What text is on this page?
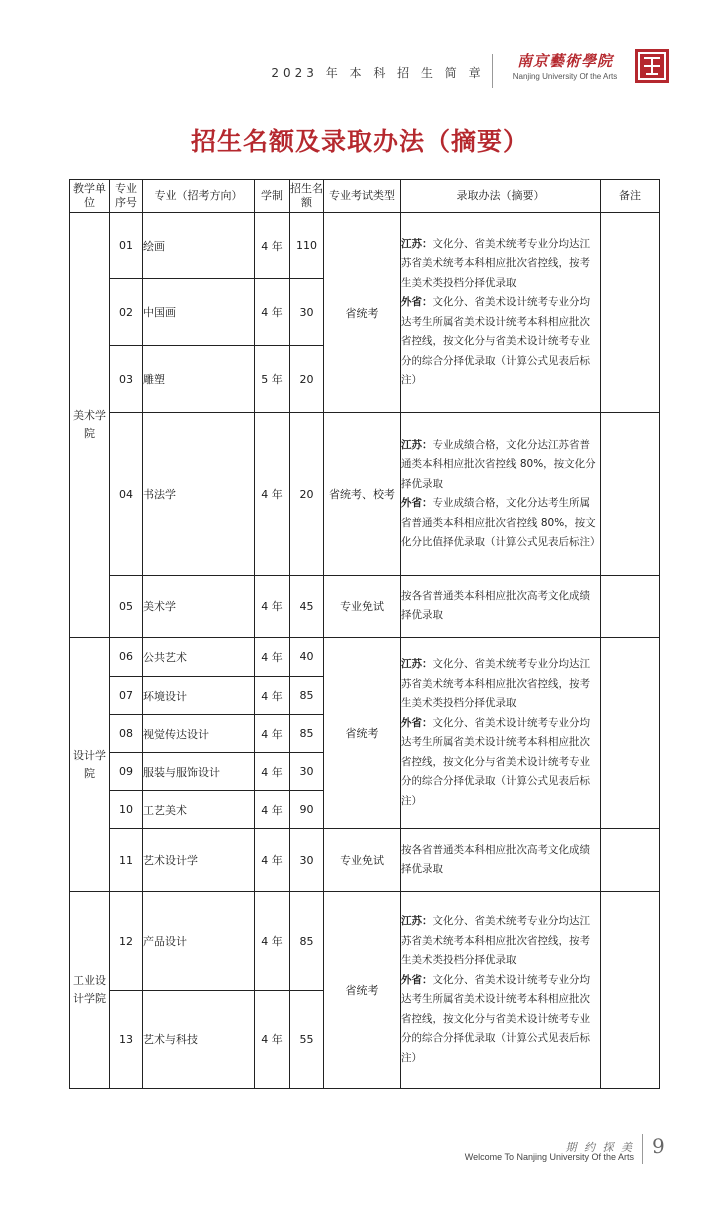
2023 年 本 科 招 生 简 章
南京藝術學院
Nanjing University Of the Arts
招生名额及录取办法（摘要）
教学单位	专业序号	专业（招考方向）	学制	招生名额	专业考试类型	录取办法（摘要）	备注
美术学院	01	绘画	4 年	110	省统考	江苏：文化分、省美术统考专业分均达江苏省美术统考本科相应批次省控线，按考生美术类投档分择优录取
外省：文化分、省美术设计统考专业分均达考生所属省美术设计统考本科相应批次省控线，按文化分与省美术设计统考专业分的综合分择优录取（计算公式见表后标注）	
	02	中国画	4 年	30			
	03	雕塑	5 年	20			
	04	书法学	4 年	20	省统考、校考	江苏：专业成绩合格，文化分达江苏省普通类本科相应批次省控线 80%，按文化分择优录取
外省：专业成绩合格，文化分达考生所属省普通类本科相应批次省控线 80%，按文化分比值择优录取（计算公式见表后标注）	
	05	美术学	4 年	45	专业免试	按各省普通类本科相应批次高考文化成绩择优录取	
设计学院	06	公共艺术	4 年	40	省统考	江苏：文化分、省美术统考专业分均达江苏省美术统考本科相应批次省控线，按考生美术类投档分择优录取
外省：文化分、省美术设计统考专业分均达考生所属省美术设计统考本科相应批次省控线，按文化分与省美术设计统考专业分的综合分择优录取（计算公式见表后标注）	
	07	环境设计	4 年	85			
	08	视觉传达设计	4 年	85			
	09	服装与服饰设计	4 年	30			
	10	工艺美术	4 年	90			
	11	艺术设计学	4 年	30	专业免试	按各省普通类本科相应批次高考文化成绩择优录取	
工业设计学院	12	产品设计	4 年	85	省统考	江苏：文化分、省美术统考专业分均达江苏省美术统考本科相应批次省控线，按考生美术类投档分择优录取
外省：文化分、省美术设计统考专业分均达考生所属省美术设计统考本科相应批次省控线，按文化分与省美术设计统考专业分的综合分择优录取（计算公式见表后标注）	
	13	艺术与科技	4 年	55			
期 约 探 美
Welcome To Nanjing University Of the Arts 9
